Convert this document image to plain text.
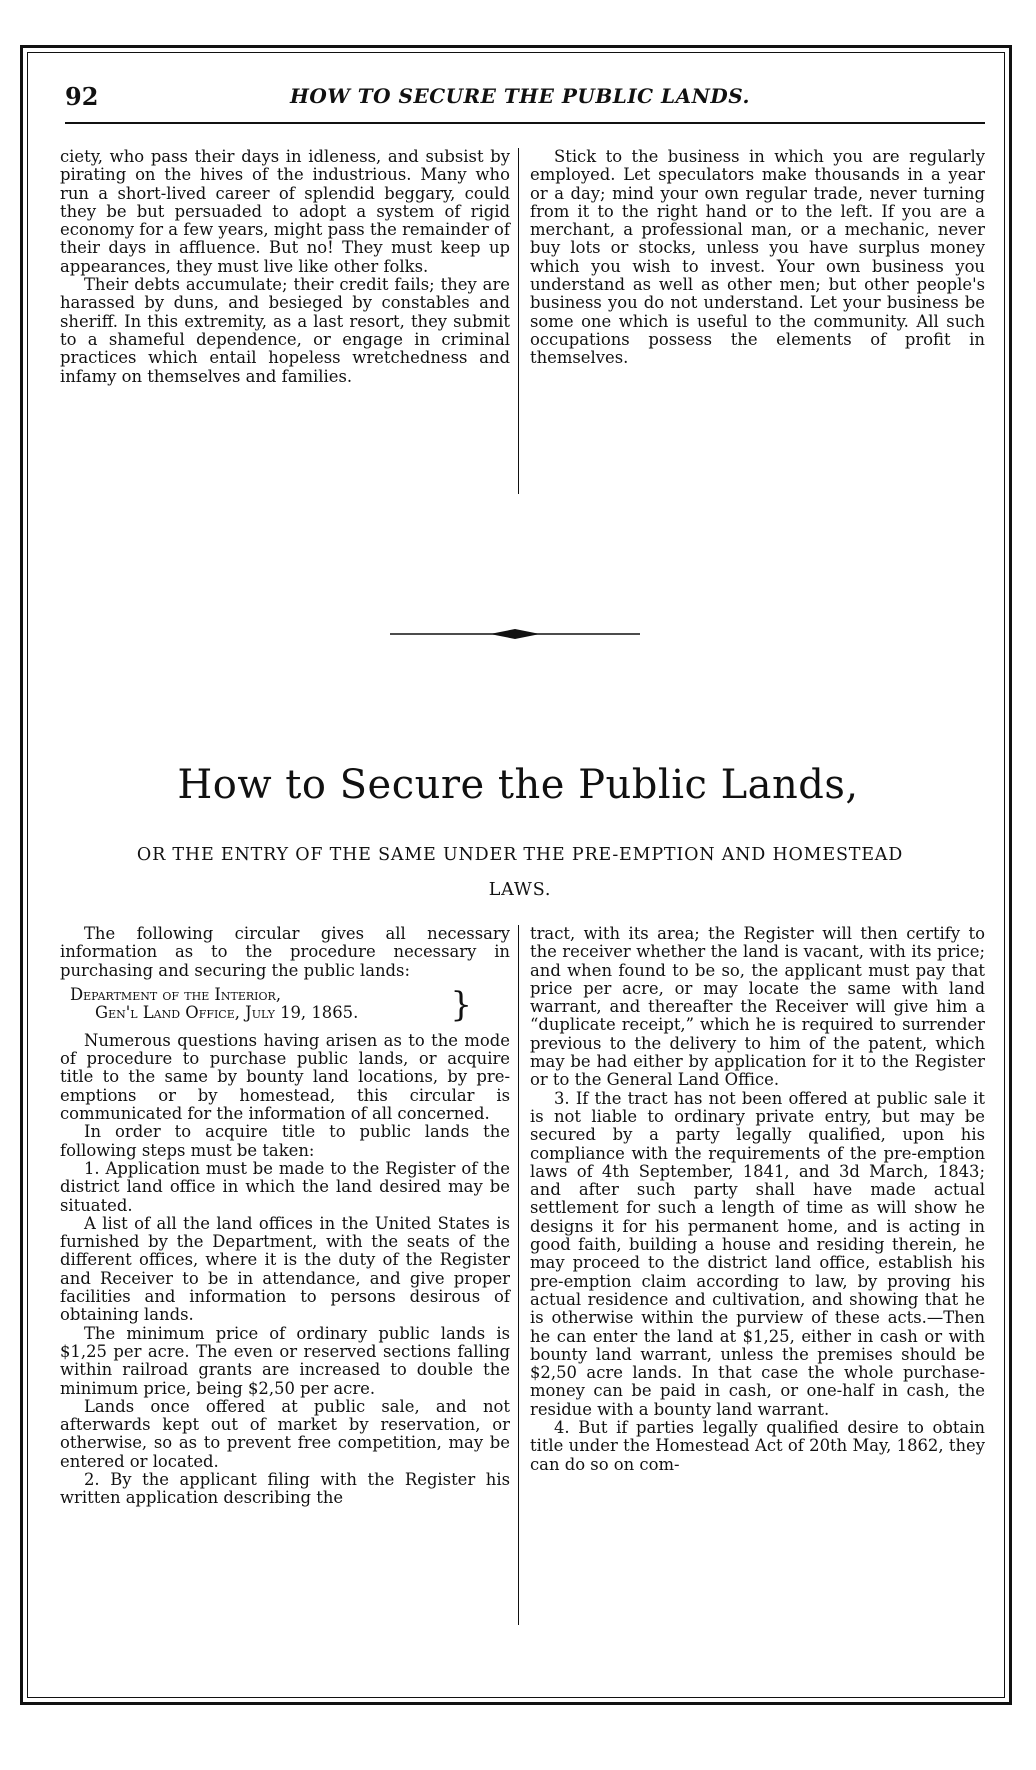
92	HOW TO SECURE THE PUBLIC LANDS.

ciety, who pass their days in idleness, and subsist by pirating on the hives of the industrious. Many who run a short-lived career of splendid beggary, could they be but persuaded to adopt a system of rigid economy for a few years, might pass the remainder of their days in affluence. But no! They must keep up appearances, they must live like other folks.

Their debts accumulate; their credit fails; they are harassed by duns, and besieged by constables and sheriff. In this extremity, as a last resort, they submit to a shameful dependence, or engage in criminal practices which entail hopeless wretchedness and infamy on themselves and families.

Stick to the business in which you are regularly employed. Let speculators make thousands in a year or a day; mind your own regular trade, never turning from it to the right hand or to the left. If you are a merchant, a professional man, or a mechanic, never buy lots or stocks, unless you have surplus money which you wish to invest. Your own business you understand as well as other men; but other people's business you do not understand. Let your business be some one which is useful to the community. All such occupations possess the elements of profit in themselves.

How to Secure the Public Lands,
OR THE ENTRY OF THE SAME UNDER THE PRE-EMPTION AND HOMESTEAD
LAWS.

The following circular gives all necessary information as to the procedure necessary in purchasing and securing the public lands:

Department of the Interior,
Gen'l Land Office, July 19, 1865.	}

Numerous questions having arisen as to the mode of procedure to purchase public lands, or acquire title to the same by bounty land locations, by pre-emptions or by homestead, this circular is communicated for the information of all concerned.

In order to acquire title to public lands the following steps must be taken:

1. Application must be made to the Register of the district land office in which the land desired may be situated.

A list of all the land offices in the United States is furnished by the Department, with the seats of the different offices, where it is the duty of the Register and Receiver to be in attendance, and give proper facilities and information to persons desirous of obtaining lands.

The minimum price of ordinary public lands is $1,25 per acre. The even or reserved sections falling within railroad grants are increased to double the minimum price, being $2,50 per acre.

Lands once offered at public sale, and not afterwards kept out of market by reservation, or otherwise, so as to prevent free competition, may be entered or located.

2. By the applicant filing with the Register his written application describing the

tract, with its area; the Register will then certify to the receiver whether the land is vacant, with its price; and when found to be so, the applicant must pay that price per acre, or may locate the same with land warrant, and thereafter the Receiver will give him a “duplicate receipt,” which he is required to surrender previous to the delivery to him of the patent, which may be had either by application for it to the Register or to the General Land Office.

3. If the tract has not been offered at public sale it is not liable to ordinary private entry, but may be secured by a party legally qualified, upon his compliance with the requirements of the pre-emption laws of 4th September, 1841, and 3d March, 1843; and after such party shall have made actual settlement for such a length of time as will show he designs it for his permanent home, and is acting in good faith, building a house and residing therein, he may proceed to the district land office, establish his pre-emption claim according to law, by proving his actual residence and cultivation, and showing that he is otherwise within the purview of these acts.—Then he can enter the land at $1,25, either in cash or with bounty land warrant, unless the premises should be $2,50 acre lands. In that case the whole purchase-money can be paid in cash, or one-half in cash, the residue with a bounty land warrant.

4. But if parties legally qualified desire to obtain title under the Homestead Act of 20th May, 1862, they can do so on com-
